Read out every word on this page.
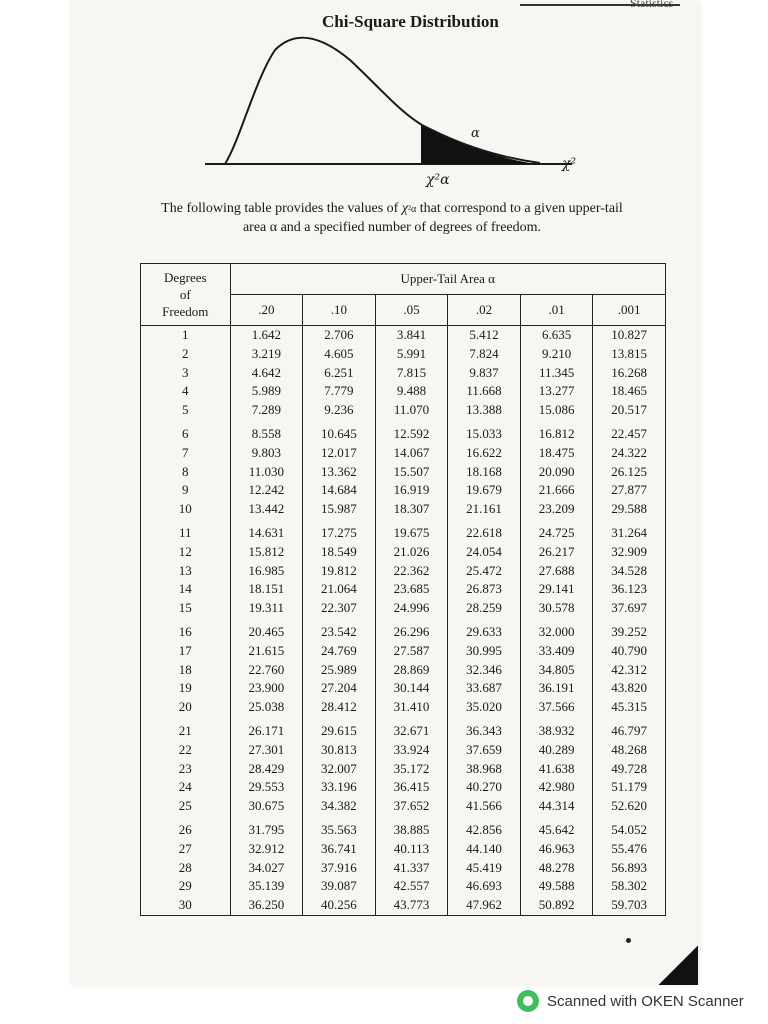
Statistics
Chi-Square Distribution
α
χ²
χ²α
The following table provides the values of χ²α that correspond to a given upper-tail
area α and a specified number of degrees of freedom.
Degrees
of
Freedom	Upper-Tail Area α					
	.20	.10	.05	.02	.01	.001
1	1.642	2.706	3.841	5.412	6.635	10.827
2	3.219	4.605	5.991	7.824	9.210	13.815
3	4.642	6.251	7.815	9.837	11.345	16.268
4	5.989	7.779	9.488	11.668	13.277	18.465
5	7.289	9.236	11.070	13.388	15.086	20.517
6	8.558	10.645	12.592	15.033	16.812	22.457
7	9.803	12.017	14.067	16.622	18.475	24.322
8	11.030	13.362	15.507	18.168	20.090	26.125
9	12.242	14.684	16.919	19.679	21.666	27.877
10	13.442	15.987	18.307	21.161	23.209	29.588
11	14.631	17.275	19.675	22.618	24.725	31.264
12	15.812	18.549	21.026	24.054	26.217	32.909
13	16.985	19.812	22.362	25.472	27.688	34.528
14	18.151	21.064	23.685	26.873	29.141	36.123
15	19.311	22.307	24.996	28.259	30.578	37.697
16	20.465	23.542	26.296	29.633	32.000	39.252
17	21.615	24.769	27.587	30.995	33.409	40.790
18	22.760	25.989	28.869	32.346	34.805	42.312
19	23.900	27.204	30.144	33.687	36.191	43.820
20	25.038	28.412	31.410	35.020	37.566	45.315
21	26.171	29.615	32.671	36.343	38.932	46.797
22	27.301	30.813	33.924	37.659	40.289	48.268
23	28.429	32.007	35.172	38.968	41.638	49.728
24	29.553	33.196	36.415	40.270	42.980	51.179
25	30.675	34.382	37.652	41.566	44.314	52.620
26	31.795	35.563	38.885	42.856	45.642	54.052
27	32.912	36.741	40.113	44.140	46.963	55.476
28	34.027	37.916	41.337	45.419	48.278	56.893
29	35.139	39.087	42.557	46.693	49.588	58.302
30	36.250	40.256	43.773	47.962	50.892	59.703
Scanned with OKEN Scanner
